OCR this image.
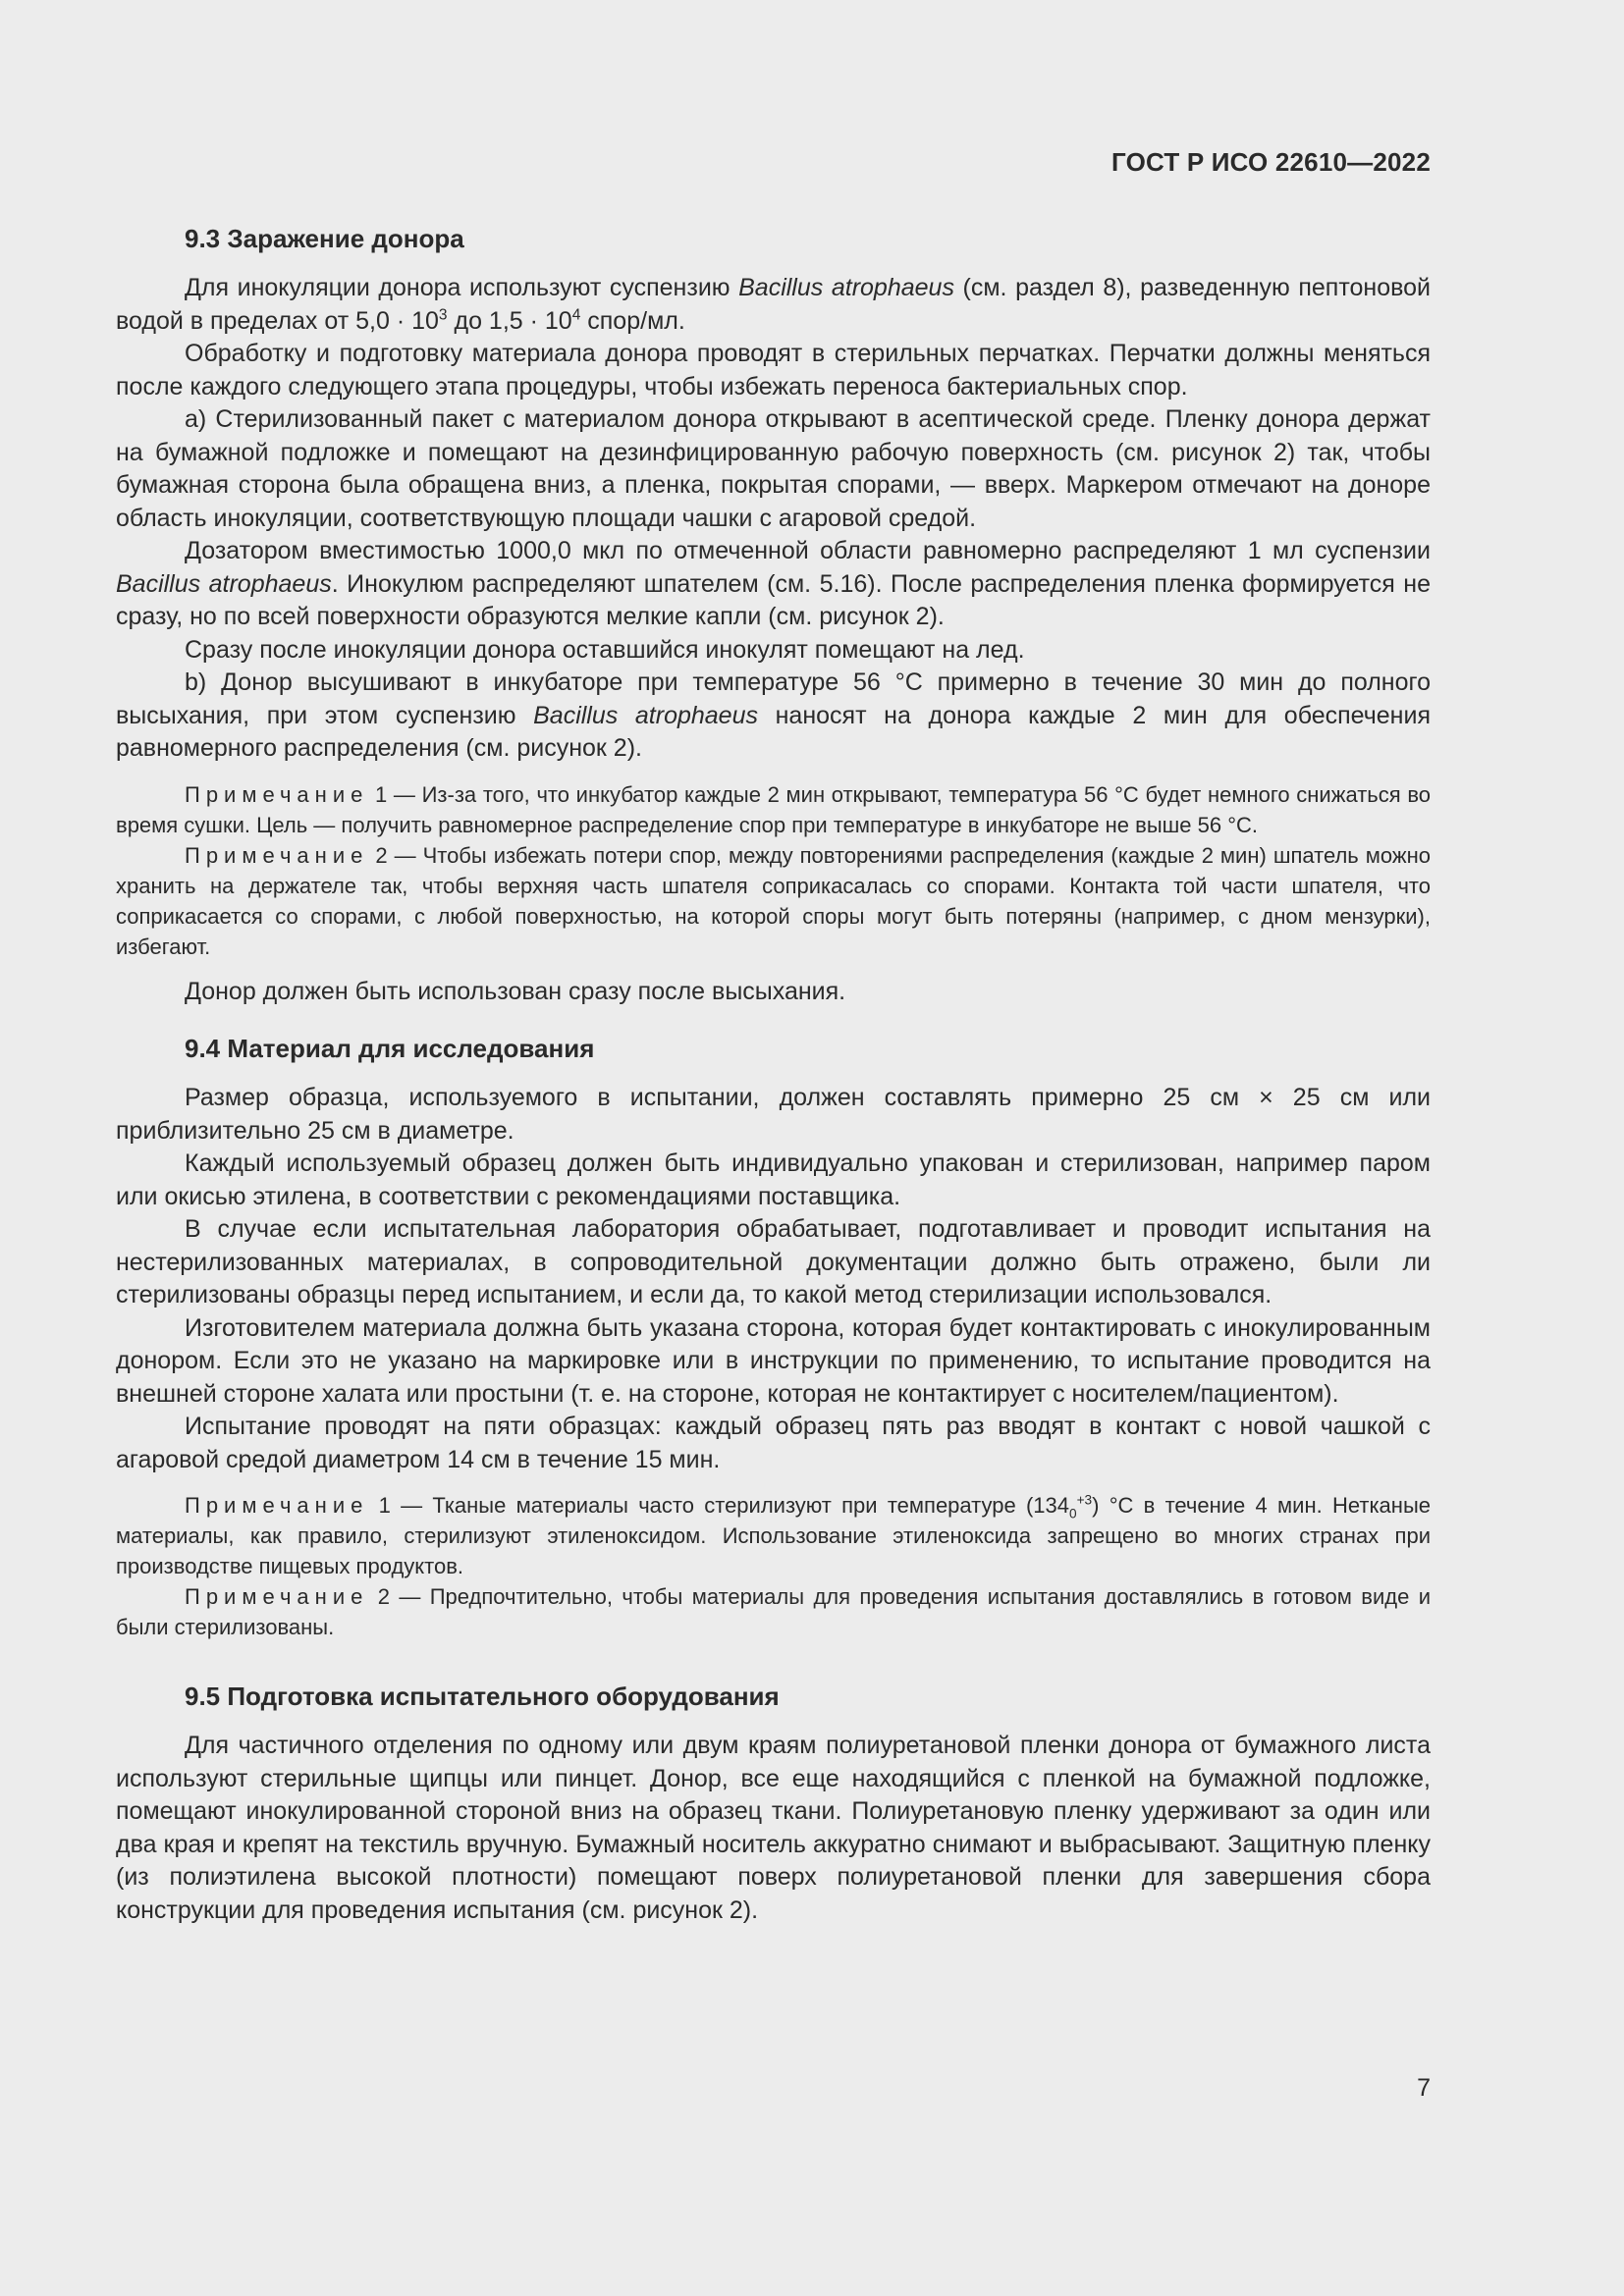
ГОСТ Р ИСО 22610—2022
9.3 Заражение донора

Для инокуляции донора используют суспензию Bacillus atrophaeus (см. раздел 8), разведенную пептоновой водой в пределах от $5,0 \cdot 10^3$ до $1,5 \cdot 10^4$ спор/мл.

Обработку и подготовку материала донора проводят в стерильных перчатках. Перчатки должны меняться после каждого следующего этапа процедуры, чтобы избежать переноса бактериальных спор.

a) Стерилизованный пакет с материалом донора открывают в асептической среде. Пленку донора держат на бумажной подложке и помещают на дезинфицированную рабочую поверхность (см. рисунок 2) так, чтобы бумажная сторона была обращена вниз, а пленка, покрытая спорами, — вверх. Маркером отмечают на доноре область инокуляции, соответствующую площади чашки с агаровой средой.

Дозатором вместимостью 1000,0 мкл по отмеченной области равномерно распределяют 1 мл суспензии Bacillus atrophaeus. Инокулюм распределяют шпателем (см. 5.16). После распределения пленка формируется не сразу, но по всей поверхности образуются мелкие капли (см. рисунок 2).

Сразу после инокуляции донора оставшийся инокулят помещают на лед.

b) Донор высушивают в инкубаторе при температуре 56 °C примерно в течение 30 мин до полного высыхания, при этом суспензию Bacillus atrophaeus наносят на донора каждые 2 мин для обеспечения равномерного распределения (см. рисунок 2).

Примечание 1 — Из-за того, что инкубатор каждые 2 мин открывают, температура 56 °C будет немного снижаться во время сушки. Цель — получить равномерное распределение спор при температуре в инкубаторе не выше 56 °C.

Примечание 2 — Чтобы избежать потери спор, между повторениями распределения (каждые 2 мин) шпатель можно хранить на держателе так, чтобы верхняя часть шпателя соприкасалась со спорами. Контакта той части шпателя, что соприкасается со спорами, с любой поверхностью, на которой споры могут быть потеряны (например, с дном мензурки), избегают.

Донор должен быть использован сразу после высыхания.

9.4 Материал для исследования

Размер образца, используемого в испытании, должен составлять примерно 25 см × 25 см или приблизительно 25 см в диаметре.

Каждый используемый образец должен быть индивидуально упакован и стерилизован, например паром или окисью этилена, в соответствии с рекомендациями поставщика.

В случае если испытательная лаборатория обрабатывает, подготавливает и проводит испытания на нестерилизованных материалах, в сопроводительной документации должно быть отражено, были ли стерилизованы образцы перед испытанием, и если да, то какой метод стерилизации использовался.

Изготовителем материала должна быть указана сторона, которая будет контактировать с инокулированным донором. Если это не указано на маркировке или в инструкции по применению, то испытание проводится на внешней стороне халата или простыни (т. е. на стороне, которая не контактирует с носителем/пациентом).

Испытание проводят на пяти образцах: каждый образец пять раз вводят в контакт с новой чашкой с агаровой средой диаметром 14 см в течение 15 мин.

Примечание 1 — Тканые материалы часто стерилизуют при температуре $(134_0^{+3})$ °C в течение 4 мин. Нетканые материалы, как правило, стерилизуют этиленоксидом. Использование этиленоксида запрещено во многих странах при производстве пищевых продуктов.

Примечание 2 — Предпочтительно, чтобы материалы для проведения испытания доставлялись в готовом виде и были стерилизованы.

9.5 Подготовка испытательного оборудования

Для частичного отделения по одному или двум краям полиуретановой пленки донора от бумажного листа используют стерильные щипцы или пинцет. Донор, все еще находящийся с пленкой на бумажной подложке, помещают инокулированной стороной вниз на образец ткани. Полиуретановую пленку удерживают за один или два края и крепят на текстиль вручную. Бумажный носитель аккуратно снимают и выбрасывают. Защитную пленку (из полиэтилена высокой плотности) помещают поверх полиуретановой пленки для завершения сбора конструкции для проведения испытания (см. рисунок 2).

7
